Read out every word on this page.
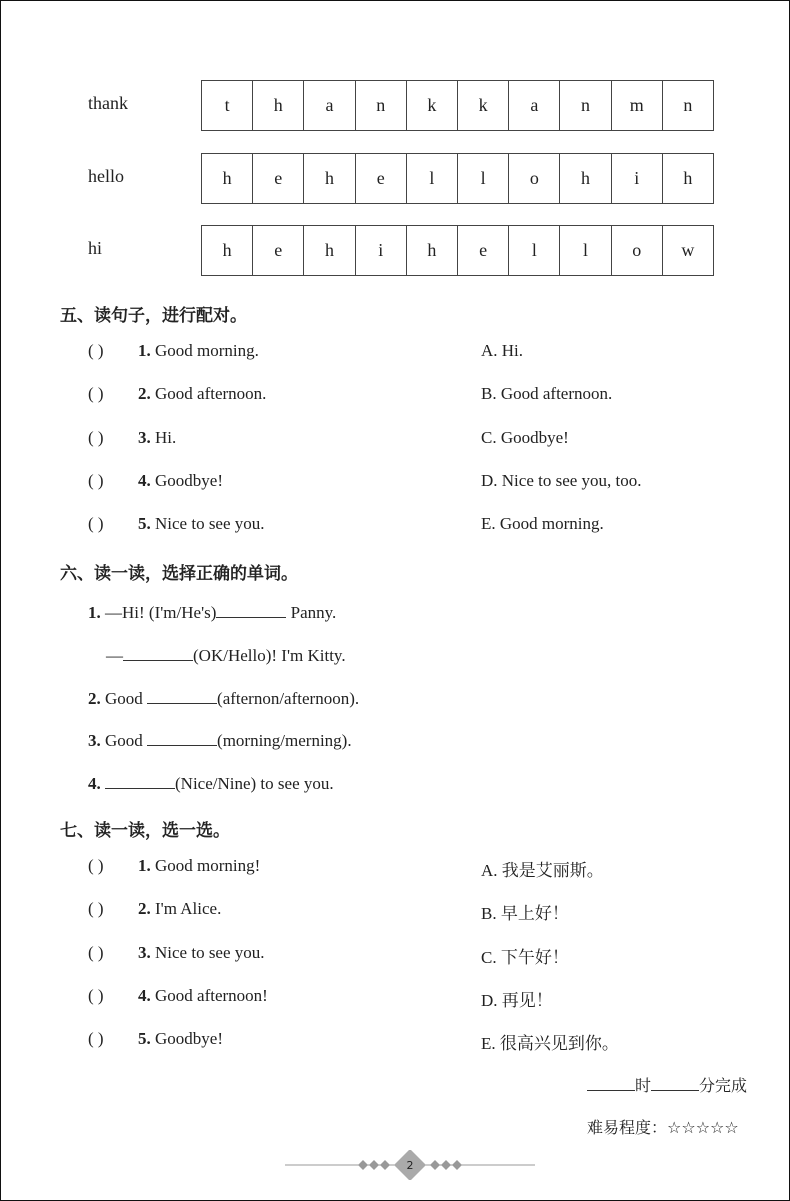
thank	t	h	a	n	k	k	a	n	m	n
hello	h	e	h	e	l	l	o	h	i	h
hi	h	e	h	i	h	e	l	l	o	w
五、读句子，进行配对。
( ) 1. Good morning.	A. Hi.
( ) 2. Good afternoon.	B. Good afternoon.
( ) 3. Hi.	C. Goodbye!
( ) 4. Goodbye!	D. Nice to see you, too.
( ) 5. Nice to see you.	E. Good morning.
六、读一读，选择正确的单词。
1. —Hi! (I'm/He's)	Panny.
—	(OK/Hello)! I'm Kitty.
2. Good	(afternon/afternoon).
3. Good	(morning/merning).
4.	(Nice/Nine) to see you.
七、读一读，选一选。
( ) 1. Good morning!	A. 我是艾丽斯。
( ) 2. I'm Alice.	B. 早上好！
( ) 3. Nice to see you.	C. 下午好！
( ) 4. Good afternoon!	D. 再见！
( ) 5. Goodbye!	E. 很高兴见到你。
时	分完成
难易程度：☆☆☆☆☆
2
